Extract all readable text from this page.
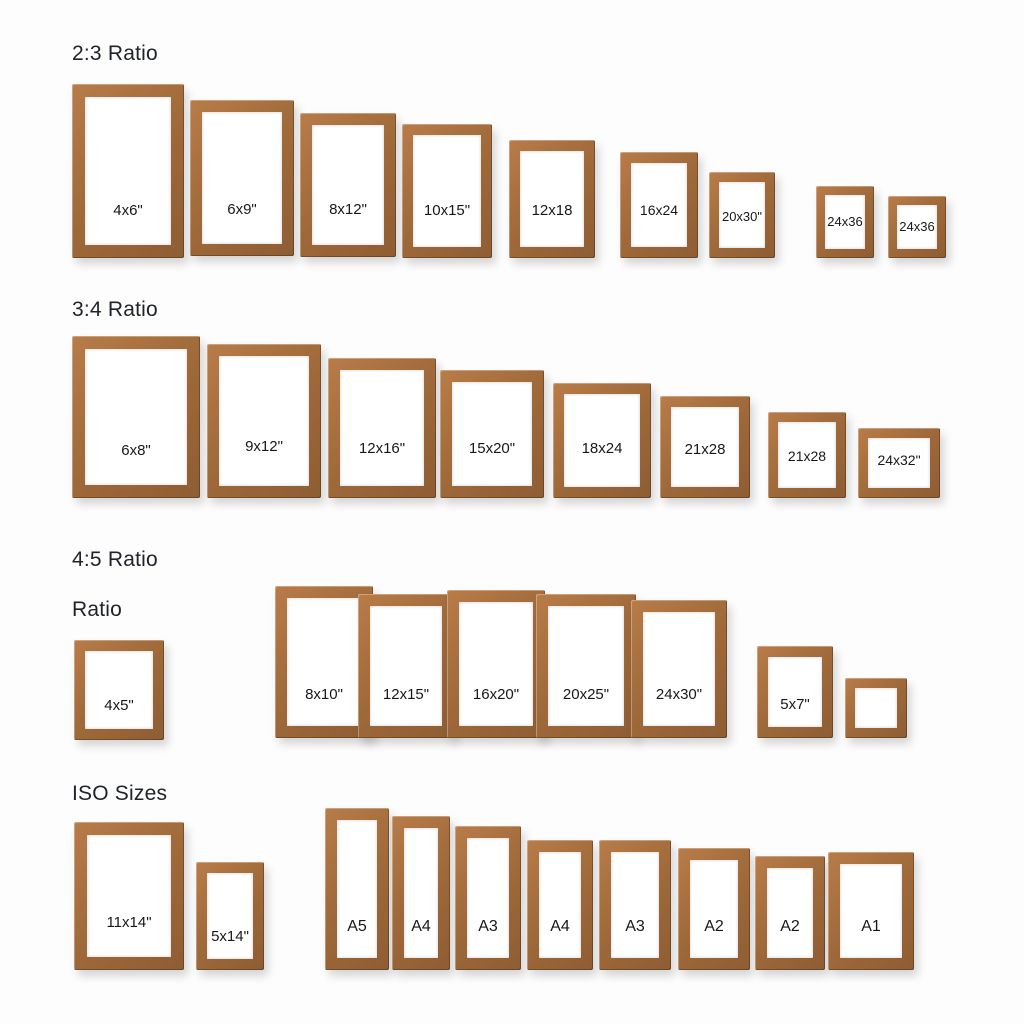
2:3 Ratio
4x6"	6x9"	8x12"	10x15"	12x18	16x24	20x30"	24x36	24x36
3:4 Ratio
6x8"	9x12"	12x16"	15x20"	18x24	21x28	21x28	24x32"
4:5 Ratio
Ratio
4x5"
8x10"	12x15"	16x20"	20x25"	24x30"
5x7"
ISO Sizes
11x14"
5x14"
A5	A4	A3	A4	A3	A2	A2	A1
